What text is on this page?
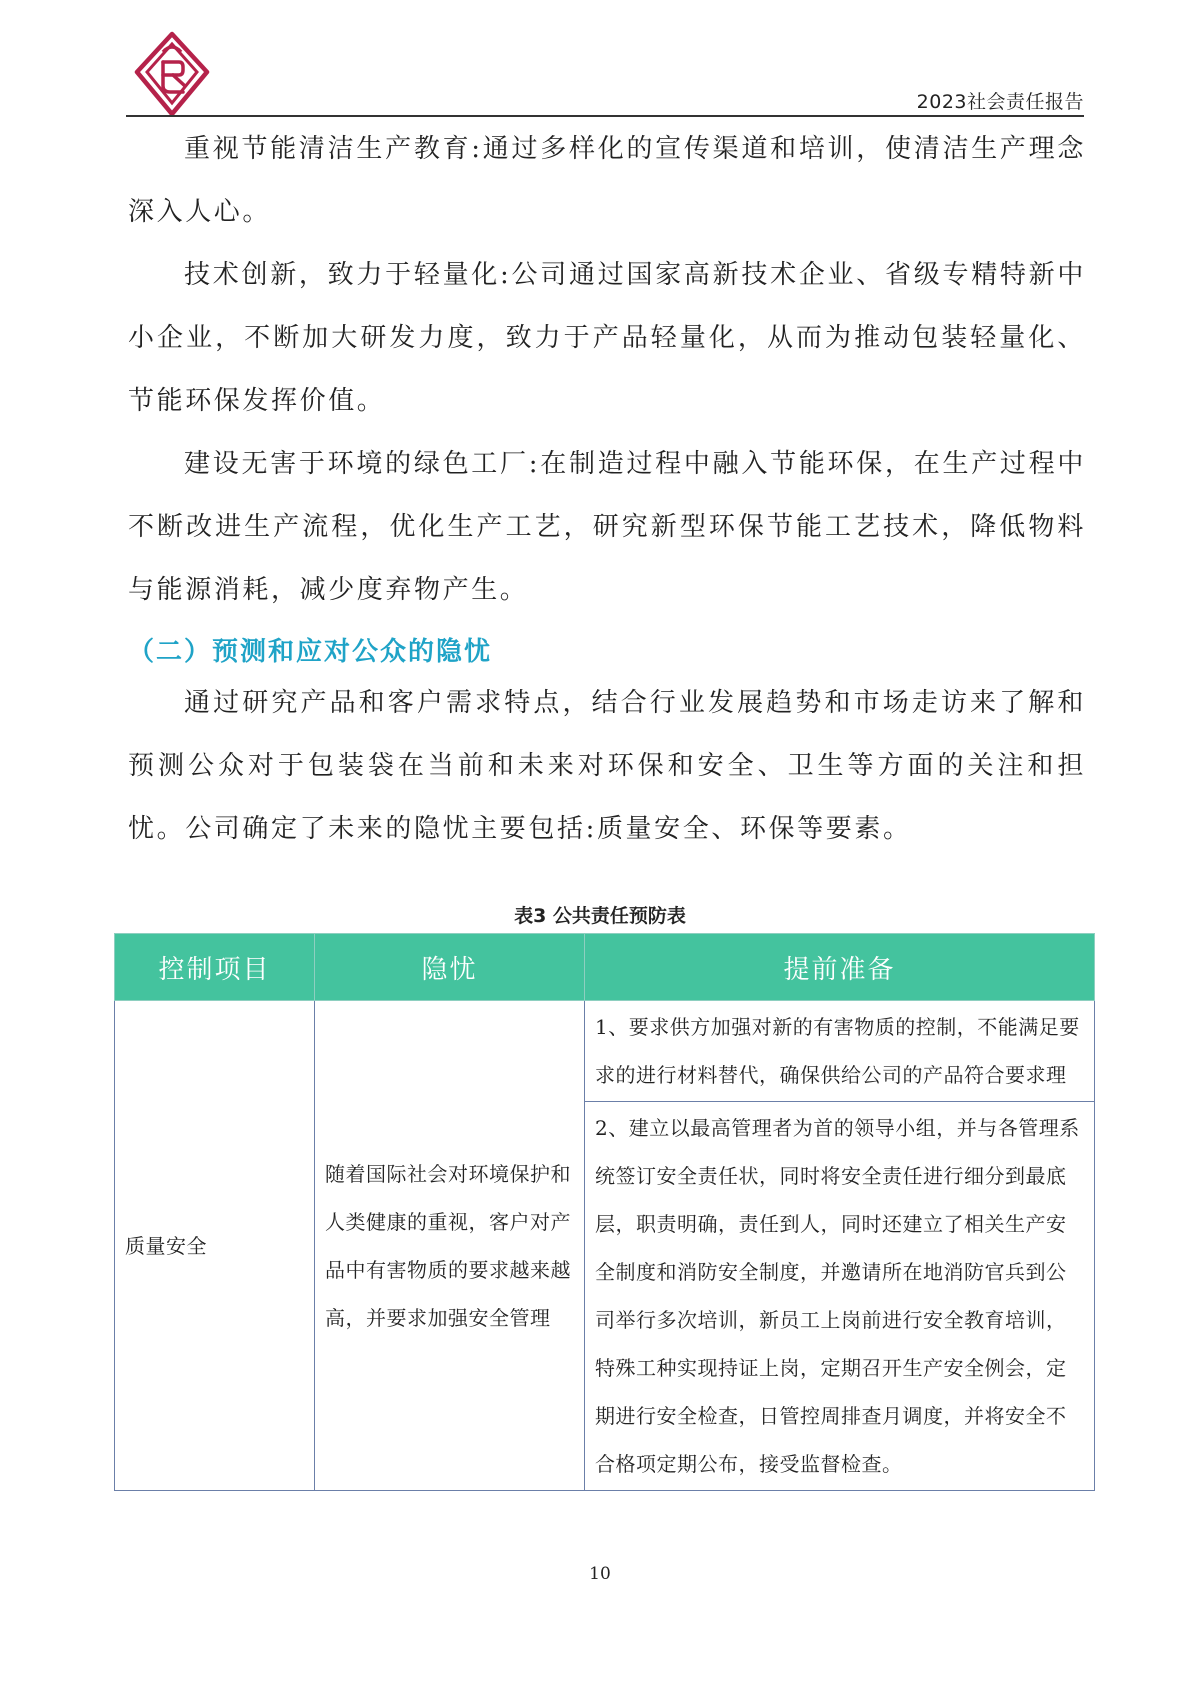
2023社会责任报告

重视节能清洁生产教育:通过多样化的宣传渠道和培训，使清洁生产理念深入人心。

技术创新，致力于轻量化:公司通过国家高新技术企业、省级专精特新中小企业，不断加大研发力度，致力于产品轻量化，从而为推动包装轻量化、节能环保发挥价值。

建设无害于环境的绿色工厂:在制造过程中融入节能环保，在生产过程中不断改进生产流程，优化生产工艺，研究新型环保节能工艺技术，降低物料与能源消耗，减少度弃物产生。

（二）预测和应对公众的隐忧

通过研究产品和客户需求特点，结合行业发展趋势和市场走访来了解和预测公众对于包装袋在当前和未来对环保和安全、卫生等方面的关注和担忧。公司确定了未来的隐忧主要包括:质量安全、环保等要素。

表3 公共责任预防表
控制项目	隐忧	提前准备
质量安全	随着国际社会对环境保护和人类健康的重视，客户对产品中有害物质的要求越来越高，并要求加强安全管理	1、要求供方加强对新的有害物质的控制，不能满足要求的进行材料替代，确保供给公司的产品符合要求理
		2、建立以最高管理者为首的领导小组，并与各管理系统签订安全责任状，同时将安全责任进行细分到最底层，职责明确，责任到人，同时还建立了相关生产安全制度和消防安全制度，并邀请所在地消防官兵到公司举行多次培训，新员工上岗前进行安全教育培训，特殊工种实现持证上岗，定期召开生产安全例会，定期进行安全检查，日管控周排查月调度，并将安全不合格项定期公布，接受监督检查。
10
